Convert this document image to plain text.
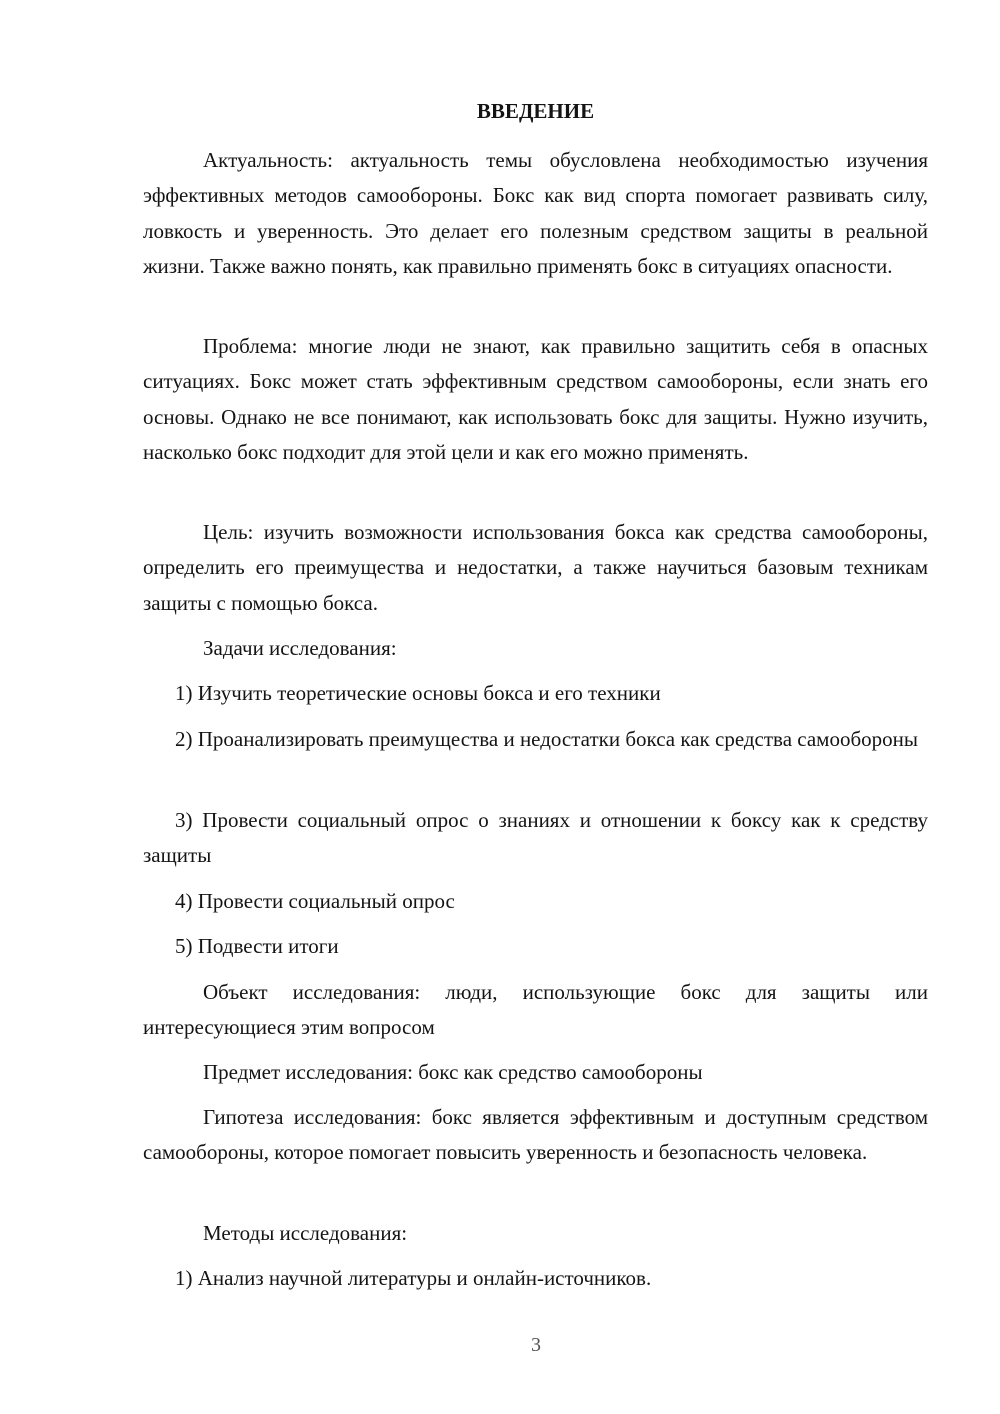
ВВЕДЕНИЕ

Актуальность: актуальность темы обусловлена необходимостью изучения эффективных методов самообороны. Бокс как вид спорта помогает развивать силу, ловкость и уверенность. Это делает его полезным средством защиты в реальной жизни. Также важно понять, как правильно применять бокс в ситуациях опасности.

Проблема: многие люди не знают, как правильно защитить себя в опасных ситуациях. Бокс может стать эффективным средством самообороны, если знать его основы. Однако не все понимают, как использовать бокс для защиты. Нужно изучить, насколько бокс подходит для этой цели и как его можно применять.

Цель: изучить возможности использования бокса как средства самообороны, определить его преимущества и недостатки, а также научиться базовым техникам защиты с помощью бокса.

Задачи исследования:

1) Изучить теоретические основы бокса и его техники

2) Проанализировать преимущества и недостатки бокса как средства самообороны

3) Провести социальный опрос о знаниях и отношении к боксу как к средству защиты

4) Провести социальный опрос

5) Подвести итоги

Объект исследования: люди, использующие бокс для защиты или интересующиеся этим вопросом

Предмет исследования: бокс как средство самообороны

Гипотеза исследования: бокс является эффективным и доступным средством самообороны, которое помогает повысить уверенность и безопасность человека.

Методы исследования:

1) Анализ научной литературы и онлайн-источников.

3
